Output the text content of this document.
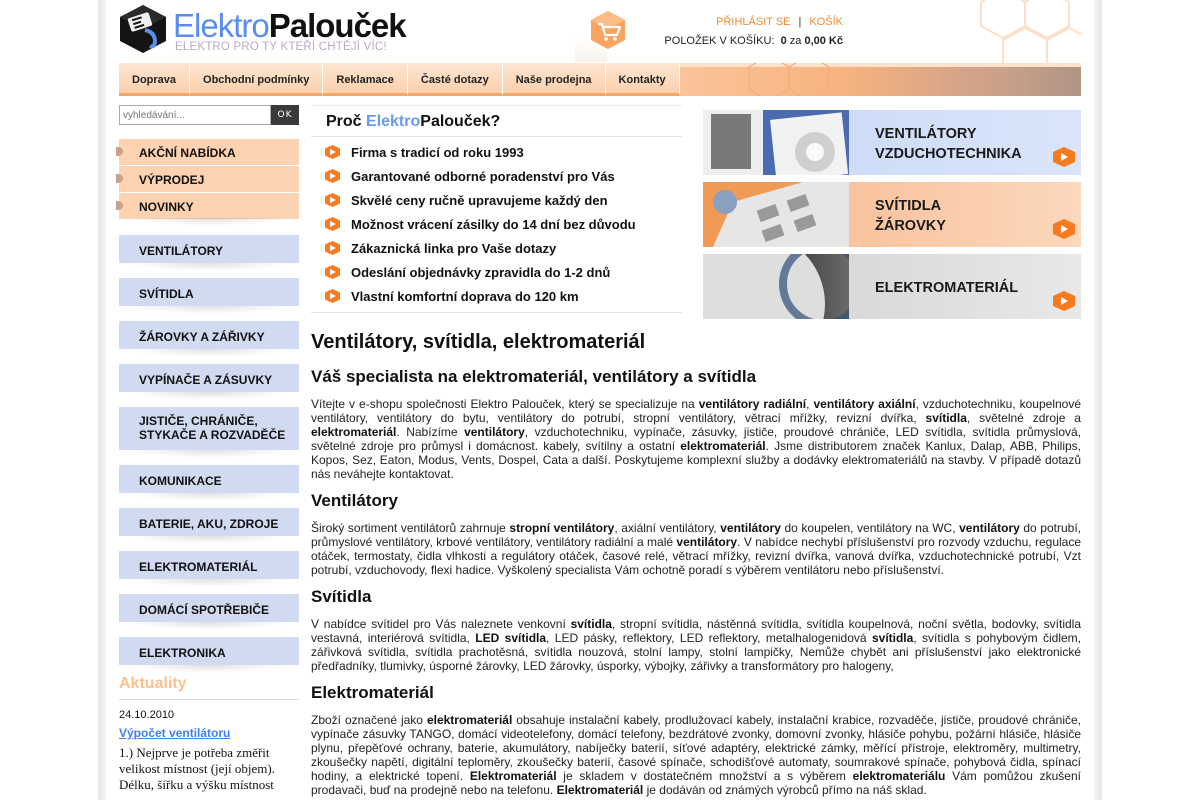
ElektroPalouček
ELEKTRO PRO TY KTEŘÍ CHTĚJÍ VÍC!
PŘIHLÁSIT SE | KOŠÍK
POLOŽEK V KOŠÍKU: 0 za 0,00 Kč
Doprava	Obchodní podmínky	Reklamace	Časté dotazy	Naše prodejna	Kontakty
vyhledávání...
OK
AKČNÍ NABÍDKA
VÝPRODEJ
NOVINKY
VENTILÁTORY
SVÍTIDLA
ŽÁROVKY A ZÁŘIVKY
VYPÍNAČE A ZÁSUVKY
JISTIČE, CHRÁNIČE, STYKAČE A ROZVADĚČE
KOMUNIKACE
BATERIE, AKU, ZDROJE
ELEKTROMATERIÁL
DOMÁCÍ SPOTŘEBIČE
ELEKTRONIKA
Aktuality
24.10.2010
Výpočet ventilátoru
1.) Nejprve je potřeba změřit velikost místnost (její objem). Délku, šířku a výšku místnost
Proč ElektroPalouček?
Firma s tradicí od roku 1993
Garantované odborné poradenství pro Vás
Skvělé ceny ručně upravujeme každý den
Možnost vrácení zásilky do 14 dní bez důvodu
Zákaznická linka pro Vaše dotazy
Odeslání objednávky zpravidla do 1-2 dnů
Vlastní komfortní doprava do 120 km
VENTILÁTORY
VZDUCHOTECHNIKA
SVÍTIDLA
ŽÁROVKY
ELEKTROMATERIÁL
Ventilátory, svítidla, elektromateriál
Váš specialista na elektromateriál, ventilátory a svítidla

Vítejte v e-shopu společnosti Elektro Palouček, který se specializuje na ventilátory radiální, ventilátory axiální, vzduchotechniku, koupelnové ventilátory, ventilátory do bytu, ventilátory do potrubí, stropní ventilátory, větrací mřížky, revizní dvířka, svítidla, světelné zdroje a elektromateriál. Nabízíme ventilátory, vzduchotechniku, vypínače, zásuvky, jističe, proudové chrániče, LED svítidla, svítidla průmyslová, světelné zdroje pro průmysl i domácnost. kabely, svítilny a ostatní elektromateriál. Jsme distributorem značek Kanlux, Dalap, ABB, Philips, Kopos, Sez, Eaton, Modus, Vents, Dospel, Cata a další. Poskytujeme komplexní služby a dodávky elektromateriálů na stavby. V případě dotazů nás neváhejte kontaktovat.

Ventilátory

Široký sortiment ventilátorů zahrnuje stropní ventilátory, axiální ventilátory, ventilátory do koupelen, ventilátory na WC, ventilátory do potrubí, průmyslové ventilátory, krbové ventilátory, ventilátory radiální a malé ventilátory. V nabídce nechybí příslušenství pro rozvody vzduchu, regulace otáček, termostaty, čidla vlhkosti a regulátory otáček, časové relé, větrací mřížky, revizní dvířka, vanová dvířka, vzduchotechnické potrubí, Vzt potrubí, vzduchovody, flexi hadice. Vyškolený specialista Vám ochotně poradí s výběrem ventilátoru nebo příslušenství.

Svítidla

V nabídce svítidel pro Vás naleznete venkovní svítidla, stropní svítidla, nástěnná svítidla, svítidla koupelnová, noční světla, bodovky, svítidla vestavná, interiérová svítidla, LED svítidla, LED pásky, reflektory, LED reflektory, metalhalogenidová svítidla, svítidla s pohybovým čidlem, zářivková svítidla, svítidla prachotěsná, svítidla nouzová, stolní lampy, stolní lampičky, Nemůže chybět ani příslušenství jako elektronické předřadníky, tlumivky, úsporné žárovky, LED žárovky, úsporky, výbojky, zářivky a transformátory pro halogeny,

Elektromateriál

Zboží označené jako elektromateriál obsahuje instalační kabely, prodlužovací kabely, instalační krabice, rozvaděče, jističe, proudové chrániče, vypínače zásuvky TANGO, domácí videotelefony, domácí telefony, bezdrátové zvonky, domovní zvonky, hlásiče pohybu, požární hlásiče, hlásiče plynu, přepěťové ochrany, baterie, akumulátory, nabíječky baterií, síťové adaptéry, elektrické zámky, měřící přístroje, elektroměry, multimetry, zkoušečky napětí, digitální teploměry, zkoušečky baterií, časové spínače, schodišťové automaty, soumrakové spínače, pohybová čidla, spínací hodiny, a elektrické topení. Elektromateriál je skladem v dostatečném množství a s výběrem elektromateriálu Vám pomůžou zkušení prodavači, buď na prodejně nebo na telefonu. Elektromateriál je dodáván od známých výrobců přímo na náš sklad.
